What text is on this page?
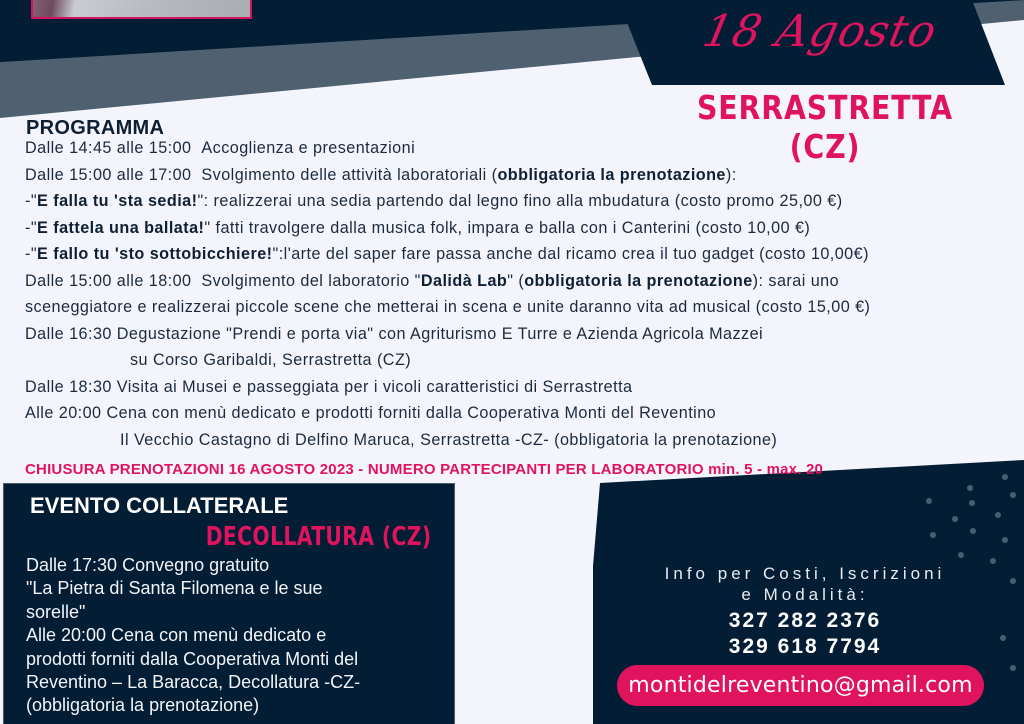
18 Agosto
SERRASTRETTA (CZ)
PROGRAMMA
Dalle 14:45 alle 15:00 Accoglienza e presentazioni
Dalle 15:00 alle 17:00 Svolgimento delle attività laboratoriali (obbligatoria la prenotazione):
-"E falla tu 'sta sedia!": realizzerai una sedia partendo dal legno fino alla mbudatura (costo promo 25,00 €)
-"E fattela una ballata!" fatti travolgere dalla musica folk, impara e balla con i Canterini (costo 10,00 €)
-"E fallo tu 'sto sottobicchiere!":l'arte del saper fare passa anche dal ricamo crea il tuo gadget (costo 10,00€)
Dalle 15:00 alle 18:00 Svolgimento del laboratorio "Dalidà Lab" (obbligatoria la prenotazione): sarai uno
sceneggiatore e realizzerai piccole scene che metterai in scena e unite daranno vita ad musical (costo 15,00 €)
Dalle 16:30 Degustazione "Prendi e porta via" con Agriturismo E Turre e Azienda Agricola Mazzei
su Corso Garibaldi, Serrastretta (CZ)
Dalle 18:30 Visita ai Musei e passeggiata per i vicoli caratteristici di Serrastretta
Alle 20:00 Cena con menù dedicato e prodotti forniti dalla Cooperativa Monti del Reventino
Il Vecchio Castagno di Delfino Maruca, Serrastretta -CZ- (obbligatoria la prenotazione)
CHIUSURA PRENOTAZIONI 16 AGOSTO 2023 - NUMERO PARTECIPANTI PER LABORATORIO min. 5 - max. 20
EVENTO COLLATERALE
DECOLLATURA (CZ)
Dalle 17:30 Convegno gratuito
"La Pietra di Santa Filomena e le sue
sorelle"
Alle 20:00 Cena con menù dedicato e
prodotti forniti dalla Cooperativa Monti del
Reventino – La Baracca, Decollatura -CZ-
(obbligatoria la prenotazione)
Info per Costi, Iscrizioni
e Modalità:
327 282 2376
329 618 7794
montidelreventino@gmail.com
